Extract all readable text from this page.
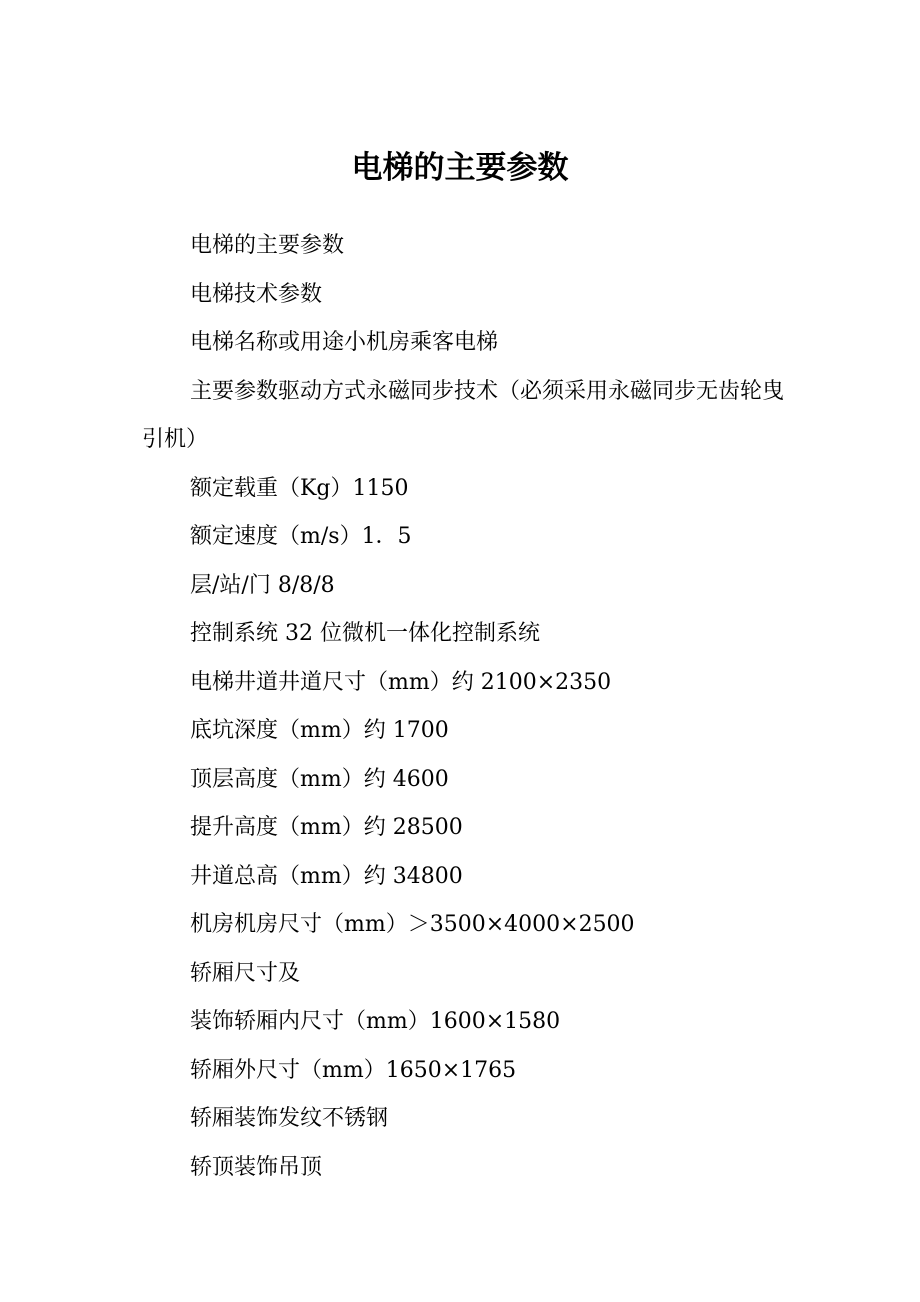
电梯的主要参数

电梯的主要参数

电梯技术参数

电梯名称或用途小机房乘客电梯

主要参数驱动方式永磁同步技术（必须采用永磁同步无齿轮曳引机）

额定载重（Kg）1150

额定速度（m/s）1．5

层/站/门 8/8/8

控制系统 32 位微机一体化控制系统

电梯井道井道尺寸（mm）约 2100×2350

底坑深度（mm）约 1700

顶层高度（mm）约 4600

提升高度（mm）约 28500

井道总高（mm）约 34800

机房机房尺寸（mm）＞3500×4000×2500

轿厢尺寸及

装饰轿厢内尺寸（mm）1600×1580

轿厢外尺寸（mm）1650×1765

轿厢装饰发纹不锈钢

轿顶装饰吊顶
